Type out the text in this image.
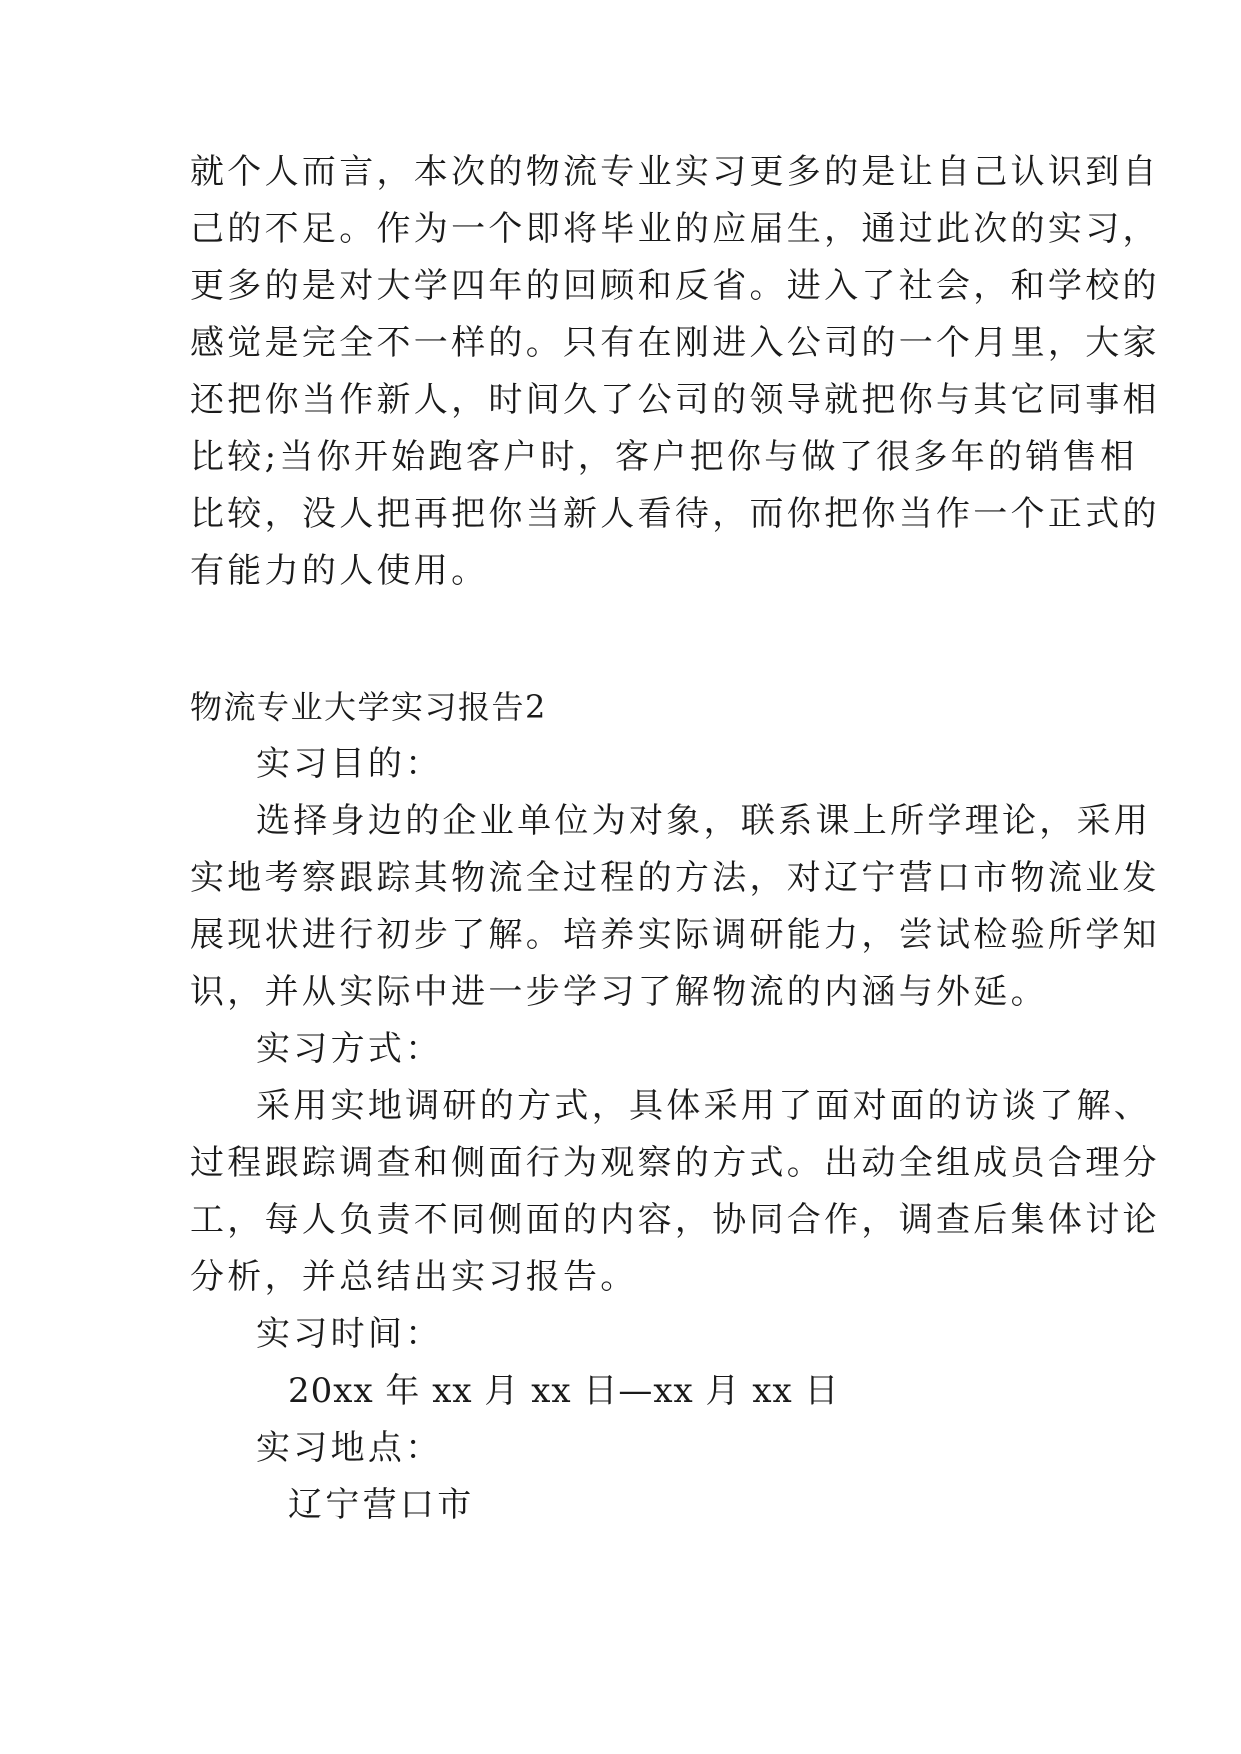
就个人而言，本次的物流专业实习更多的是让自己认识到自
己的不足。作为一个即将毕业的应届生，通过此次的实习，
更多的是对大学四年的回顾和反省。进入了社会，和学校的
感觉是完全不一样的。只有在刚进入公司的一个月里，大家
还把你当作新人，时间久了公司的领导就把你与其它同事相
比较;当你开始跑客户时，客户把你与做了很多年的销售相
比较，没人把再把你当新人看待，而你把你当作一个正式的
有能力的人使用。
物流专业大学实习报告2
实习目的：
选择身边的企业单位为对象，联系课上所学理论，采用
实地考察跟踪其物流全过程的方法，对辽宁营口市物流业发
展现状进行初步了解。培养实际调研能力，尝试检验所学知
识，并从实际中进一步学习了解物流的内涵与外延。
实习方式：
采用实地调研的方式，具体采用了面对面的访谈了解、
过程跟踪调查和侧面行为观察的方式。出动全组成员合理分
工，每人负责不同侧面的内容，协同合作，调查后集体讨论
分析，并总结出实习报告。
实习时间：
20xx 年 xx 月 xx 日—xx 月 xx 日
实习地点：
辽宁营口市
